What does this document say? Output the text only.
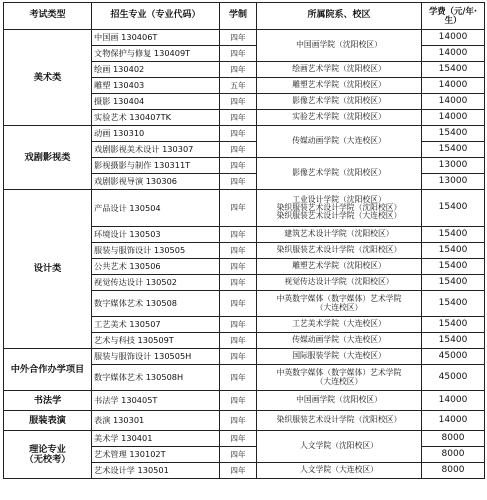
考试类型	招生专业（专业代码）	学制	所属院系、校区	学费（元/年·生）
美术类	中国画 130406T	四年	中国画学院（沈阳校区）	14000
	文物保护与修复 130409T	四年		14000
	绘画 130402	四年	绘画艺术学院（沈阳校区）	15400
	雕塑 130403	五年	雕塑艺术学院（沈阳校区）	14000
	摄影 130404	四年	影像艺术学院（沈阳校区）	14000
	实验艺术 130407TK	四年	实验艺术学院（沈阳校区）	14000
戏剧影视类	动画 130310	四年	传媒动画学院（大连校区）	15400
	戏剧影视美术设计 130307	四年		15400
	影视摄影与制作 130311T	四年	影像艺术学院（沈阳校区）	13000
	戏剧影视导演 130306	四年		13000
设计类	产品设计 130504	四年	工业设计学院（沈阳校区）
染织服装艺术设计学院（沈阳校区）
染织服装艺术设计学院（大连校区）	15400
	环境设计 130503	四年	建筑艺术设计学院（沈阳校区）	15400
	服装与服饰设计 130505	四年	染织服装艺术设计学院（沈阳校区）	15400
	公共艺术 130506	四年	雕塑艺术学院（沈阳校区）	15400
	视觉传达设计 130502	四年	视觉传达设计学院（沈阳校区）	15400
	数字媒体艺术 130508	四年	中英数字媒体（数字媒体）艺术学院
（大连校区）	15400
	工艺美术 130507	四年	工艺美术学院（大连校区）	15400
	艺术与科技 130509T	四年	传媒动画学院（大连校区）	15400
中外合作办学项目	服装与服饰设计 130505H	四年	国际服装学院（大连校区）	45000
	数字媒体艺术 130508H	四年	中英数字媒体（数字媒体）艺术学院
（大连校区）	45000
书法学	书法学 130405T	四年	中国画学院（沈阳校区）	14000
服装表演	表演 130301	四年	染织服装艺术设计学院（沈阳校区）	14000

理论专业
（无校考）	美术学 130401	四年	人文学院（沈阳校区）	8000
	艺术管理 130102T	四年		8000
	艺术设计学 130501	四年	人文学院（大连校区）	8000
